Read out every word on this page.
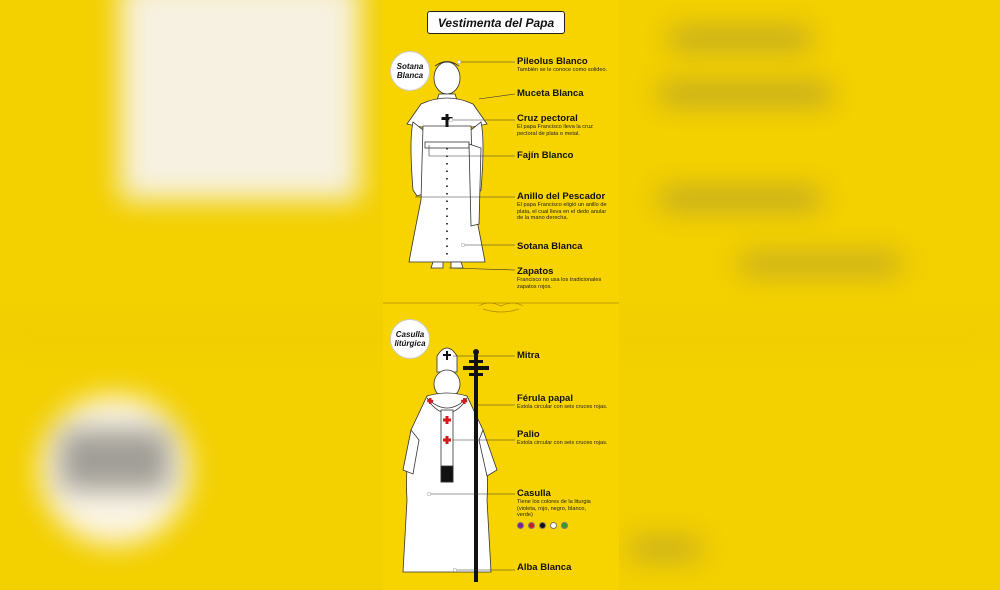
Vestimenta del Papa
Sotana
Blanca
Casulla
litúrgica
Pileolus Blanco
También se le conoce como solideo.
Muceta Blanca
Cruz pectoral
El papa Francisco lleva la cruz pectoral de plata o metal.
Fajín Blanco
Anillo del Pescador
El papa Francisco eligió un anillo de plata, el cual lleva en el dedo anular de la mano derecha.
Sotana Blanca
Zapatos
Francisco no usa los tradicionales zapatos rojos.
Mitra
Férula papal
Estola circular con seis cruces rojas.
Palio
Estola circular con seis cruces rojas.
Casulla
Tiene los colores de la liturgia (violeta, rojo, negro, blanco, verde)
Alba Blanca
